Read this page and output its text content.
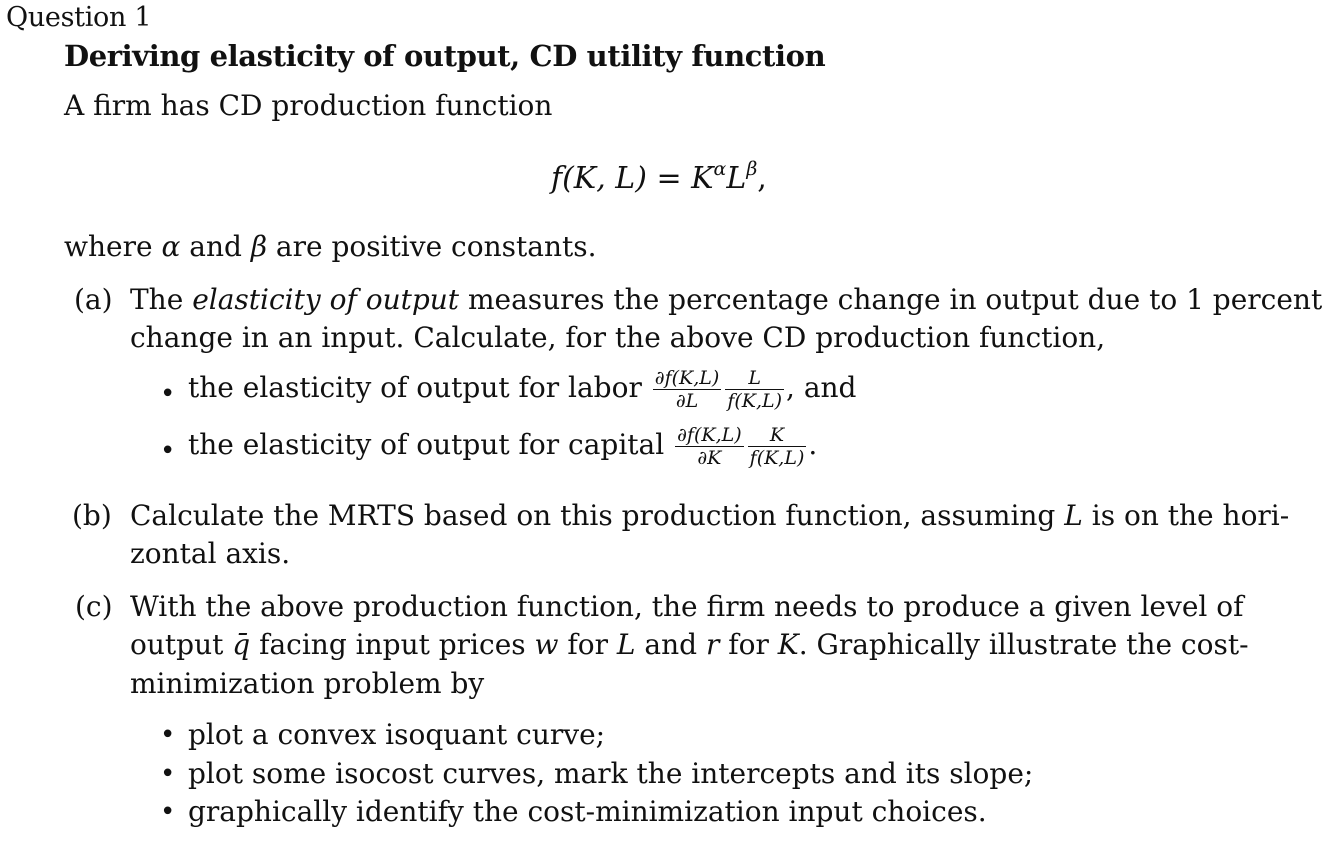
Question 1
Deriving elasticity of output, CD utility function
A firm has CD production function
f(K, $L) = K^\alpha L^\beta$,
where α and β are positive constants.
(a) The elasticity of output measures the percentage change in output due to 1 percent
change in an input. Calculate, for the above CD production function,
• the elasticity of output for labor $\frac{\partial f(K,L)}{\partial L} \frac{L}{f(K,L)}$ , and
• the elasticity of output for capital $\frac{\partial f(K,L)}{\partial K} \frac{K}{f(K,L)}$ .
(b) Calculate the MRTS based on this production function, assuming L is on the hori-
zontal axis.
(c) With the above production function, the firm needs to produce a given level of
output q̄ facing input prices w for L and r for K. Graphically illustrate the cost-
minimization problem by
• plot a convex isoquant curve;
• plot some isocost curves, mark the intercepts and its slope;
• graphically identify the cost-minimization input choices.
